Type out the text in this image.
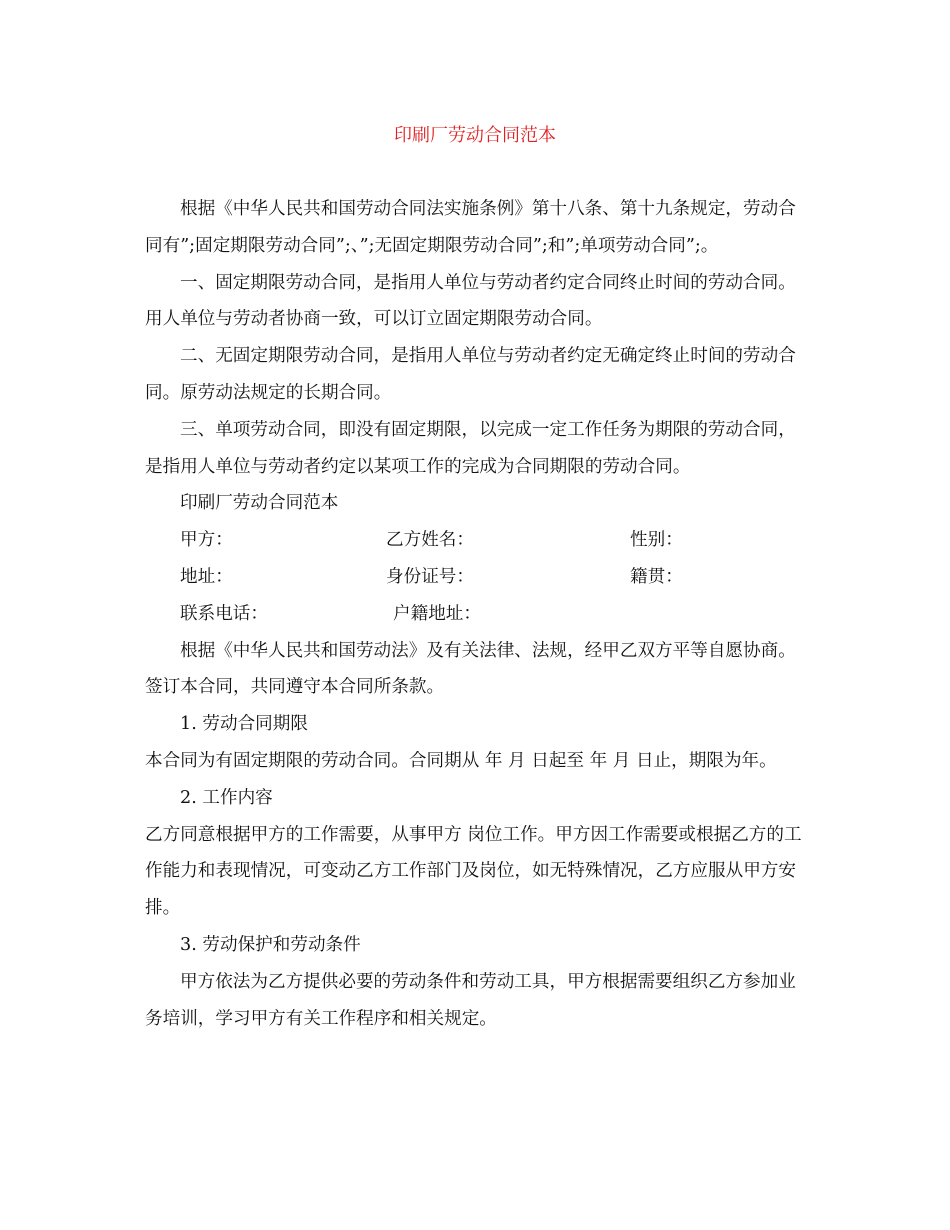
印刷厂劳动合同范本

根据《中华人民共和国劳动合同法实施条例》第十八条、第十九条规定，劳动合同有”;固定期限劳动合同”;、”;无固定期限劳动合同”;和”;单项劳动合同”;。

一、固定期限劳动合同，是指用人单位与劳动者约定合同终止时间的劳动合同。用人单位与劳动者协商一致，可以订立固定期限劳动合同。

二、无固定期限劳动合同，是指用人单位与劳动者约定无确定终止时间的劳动合同。原劳动法规定的长期合同。

三、单项劳动合同，即没有固定期限，以完成一定工作任务为期限的劳动合同，是指用人单位与劳动者约定以某项工作的完成为合同期限的劳动合同。

印刷厂劳动合同范本

甲方：	乙方姓名：	性别：
地址：	身份证号：	籍贯：
联系电话：	户籍地址：

根据《中华人民共和国劳动法》及有关法律、法规，经甲乙双方平等自愿协商。签订本合同，共同遵守本合同所条款。

1. 劳动合同期限

本合同为有固定期限的劳动合同。合同期从 年 月 日起至 年 月 日止，期限为年。

2. 工作内容

乙方同意根据甲方的工作需要，从事甲方 岗位工作。甲方因工作需要或根据乙方的工作能力和表现情况，可变动乙方工作部门及岗位，如无特殊情况，乙方应服从甲方安排。

3. 劳动保护和劳动条件

甲方依法为乙方提供必要的劳动条件和劳动工具，甲方根据需要组织乙方参加业务培训，学习甲方有关工作程序和相关规定。
